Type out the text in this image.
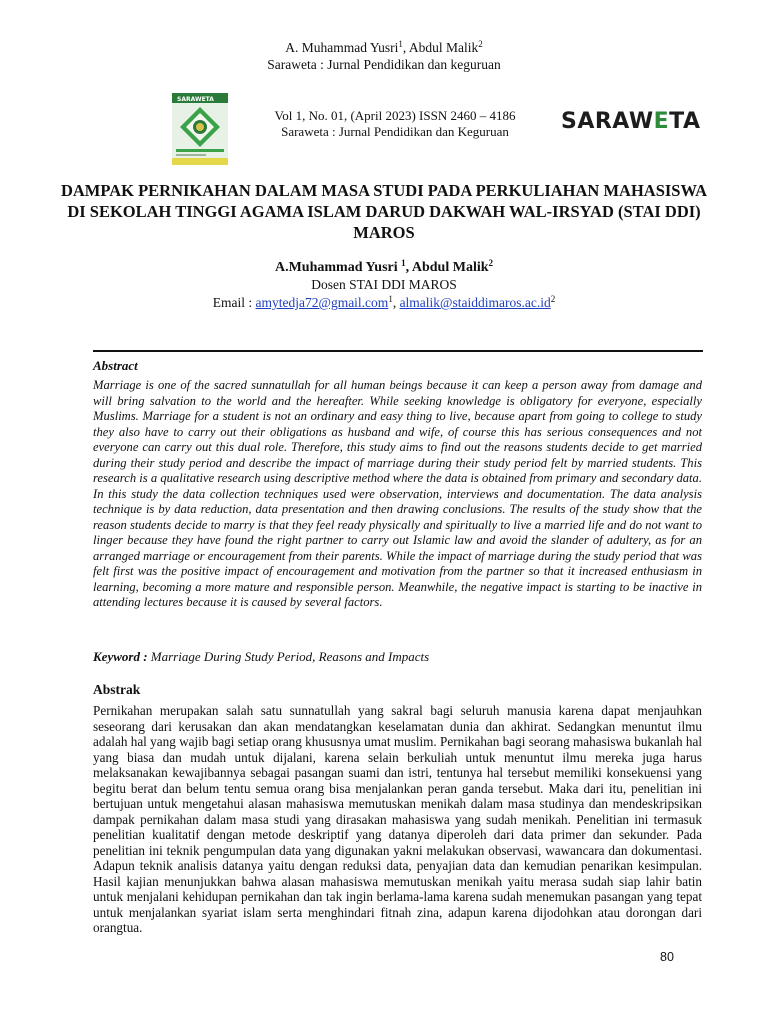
A. Muhammad Yusri$^1$, Abdul Malik$^2$
Saraweta : Jurnal Pendidikan dan keguruan
SARAWETA
Vol 1, No. 01, (April 2023) ISSN 2460 – 4186
Saraweta : Jurnal Pendidikan dan Keguruan	SARAWETA
DAMPAK PERNIKAHAN DALAM MASA STUDI PADA PERKULIAHAN MAHASISWA DI SEKOLAH TINGGI AGAMA ISLAM DARUD DAKWAH WAL-IRSYAD (STAI DDI) MAROS
A.Muhammad Yusri $^1$, Abdul Malik$^2$
Dosen STAI DDI MAROS
Email : amytedja72@gmail.com$^1$, $almalik@staiddimaros.ac.id^2$
Abstract
Marriage is one of the sacred sunnatullah for all human beings because it can keep a person away from damage and will bring salvation to the world and the hereafter. While seeking knowledge is obligatory for everyone, especially Muslims. Marriage for a student is not an ordinary and easy thing to live, because apart from going to college to study they also have to carry out their obligations as husband and wife, of course this has serious consequences and not everyone can carry out this dual role. Therefore, this study aims to find out the reasons students decide to get married during their study period and describe the impact of marriage during their study period felt by married students. This research is a qualitative research using descriptive method where the data is obtained from primary and secondary data. In this study the data collection techniques used were observation, interviews and documentation. The data analysis technique is by data reduction, data presentation and then drawing conclusions. The results of the study show that the reason students decide to marry is that they feel ready physically and spiritually to live a married life and do not want to linger because they have found the right partner to carry out Islamic law and avoid the slander of adultery, as for an arranged marriage or encouragement from their parents. While the impact of marriage during the study period that was felt first was the positive impact of encouragement and motivation from the partner so that it increased enthusiasm in learning, becoming a more mature and responsible person. Meanwhile, the negative impact is starting to be inactive in attending lectures because it is caused by several factors.
Keyword : Marriage During Study Period, Reasons and Impacts
Abstrak
Pernikahan merupakan salah satu sunnatullah yang sakral bagi seluruh manusia karena dapat menjauhkan seseorang dari kerusakan dan akan mendatangkan keselamatan dunia dan akhirat. Sedangkan menuntut ilmu adalah hal yang wajib bagi setiap orang khususnya umat muslim. Pernikahan bagi seorang mahasiswa bukanlah hal yang biasa dan mudah untuk dijalani, karena selain berkuliah untuk menuntut ilmu mereka juga harus melaksanakan kewajibannya sebagai pasangan suami dan istri, tentunya hal tersebut memiliki konsekuensi yang begitu berat dan belum tentu semua orang bisa menjalankan peran ganda tersebut. Maka dari itu, penelitian ini bertujuan untuk mengetahui alasan mahasiswa memutuskan menikah dalam masa studinya dan mendeskripsikan dampak pernikahan dalam masa studi yang dirasakan mahasiswa yang sudah menikah. Penelitian ini termasuk penelitian kualitatif dengan metode deskriptif yang datanya diperoleh dari data primer dan sekunder. Pada penelitian ini teknik pengumpulan data yang digunakan yakni melakukan observasi, wawancara dan dokumentasi. Adapun teknik analisis datanya yaitu dengan reduksi data, penyajian data dan kemudian penarikan kesimpulan. Hasil kajian menunjukkan bahwa alasan mahasiswa memutuskan menikah yaitu merasa sudah siap lahir batin untuk menjalani kehidupan pernikahan dan tak ingin berlama-lama karena sudah menemukan pasangan yang tepat untuk menjalankan syariat islam serta menghindari fitnah zina, adapun karena dijodohkan atau dorongan dari orangtua.
80
